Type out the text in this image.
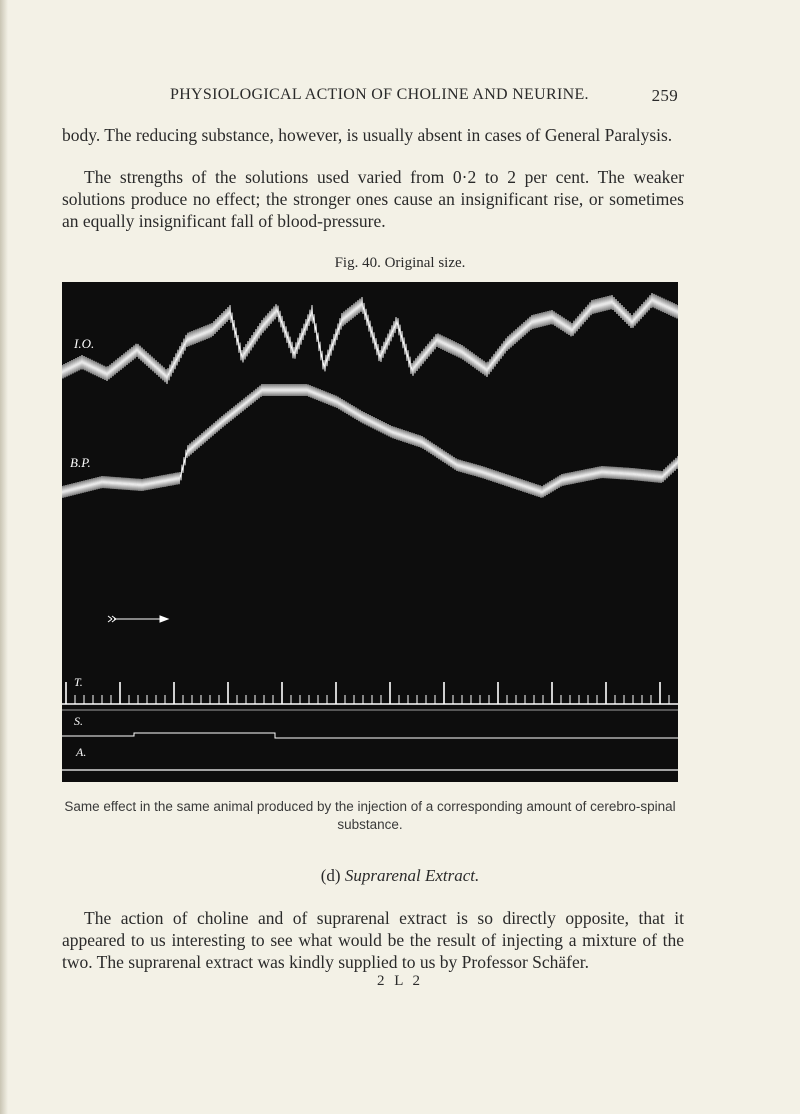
PHYSIOLOGICAL ACTION OF CHOLINE AND NEURINE.	259

body. The reducing substance, however, is usually absent in cases of General Paralysis.

The strengths of the solutions used varied from 0·2 to 2 per cent. The weaker solutions produce no effect; the stronger ones cause an insignificant rise, or sometimes an equally insignificant fall of blood-pressure.

Fig. 40. Original size.
I.O.
B.P.
T.
S.
A.
Same effect in the same animal produced by the injection of a corresponding amount of cerebro-spinal substance.
(d) Suprarenal Extract.

The action of choline and of suprarenal extract is so directly opposite, that it appeared to us interesting to see what would be the result of injecting a mixture of the two. The suprarenal extract was kindly supplied to us by Professor Schäfer.

2 L 2
